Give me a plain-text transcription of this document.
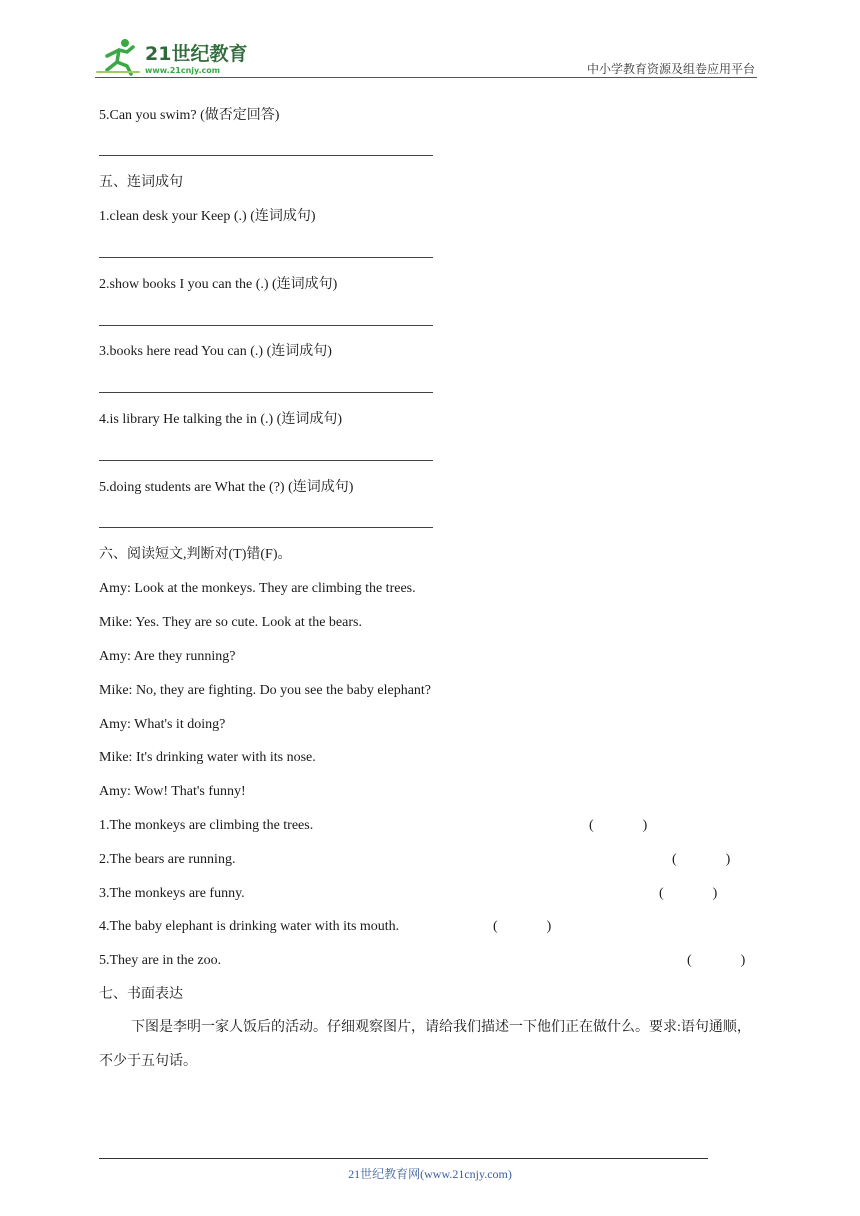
21世纪教育
www.21cnjy.com	中小学教育资源及组卷应用平台
5.Can you swim? (做否定回答)
五、连词成句
1.clean desk your Keep (.) (连词成句)
2.show books I you can the (.) (连词成句)
3.books here read You can (.) (连词成句)
4.is library He talking the in (.) (连词成句)
5.doing students are What the (?) (连词成句)
六、阅读短文,判断对(T)错(F)。
Amy: Look at the monkeys. They are climbing the trees.
Mike: Yes. They are so cute. Look at the bears.
Amy: Are they running?
Mike: No, they are fighting. Do you see the baby elephant?
Amy: What's it doing?
Mike: It's drinking water with its nose.
Amy: Wow! That's funny!
1.The monkeys are climbing the trees.	(              )
2.The bears are running.	(              )
3.The monkeys are funny.	(              )
4.The baby elephant is drinking water with its mouth.	(              )
5.They are in the zoo.	(              )
七、书面表达
下图是李明一家人饭后的活动。仔细观察图片，请给我们描述一下他们正在做什么。要求:语句通顺，不少于五句话。
21世纪教育网(www.21cnjy.com)
